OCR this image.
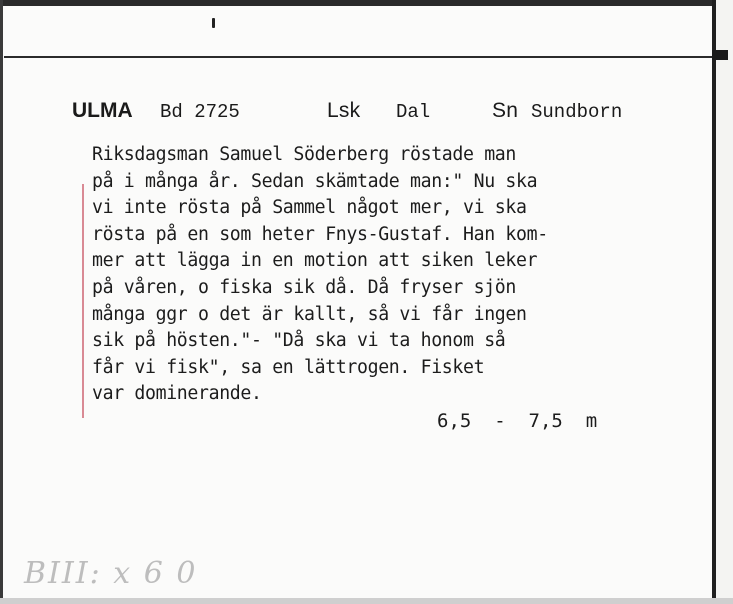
ULMA Bd 2725	Lsk Dal	Sn Sundborn
Riksdagsman Samuel Söderberg röstade man
på i många år. Sedan skämtade man:" Nu ska
vi inte rösta på Sammel något mer, vi ska
rösta på en som heter Fnys-Gustaf. Han kom-
mer att lägga in en motion att siken leker
på våren, o fiska sik då. Då fryser sjön
många ggr o det är kallt, så vi får ingen
sik på hösten."- "Då ska vi ta honom så
får vi fisk", sa en lättrogen. Fisket
var dominerande.
6,5  -  7,5  m
BIII: x 6 0
